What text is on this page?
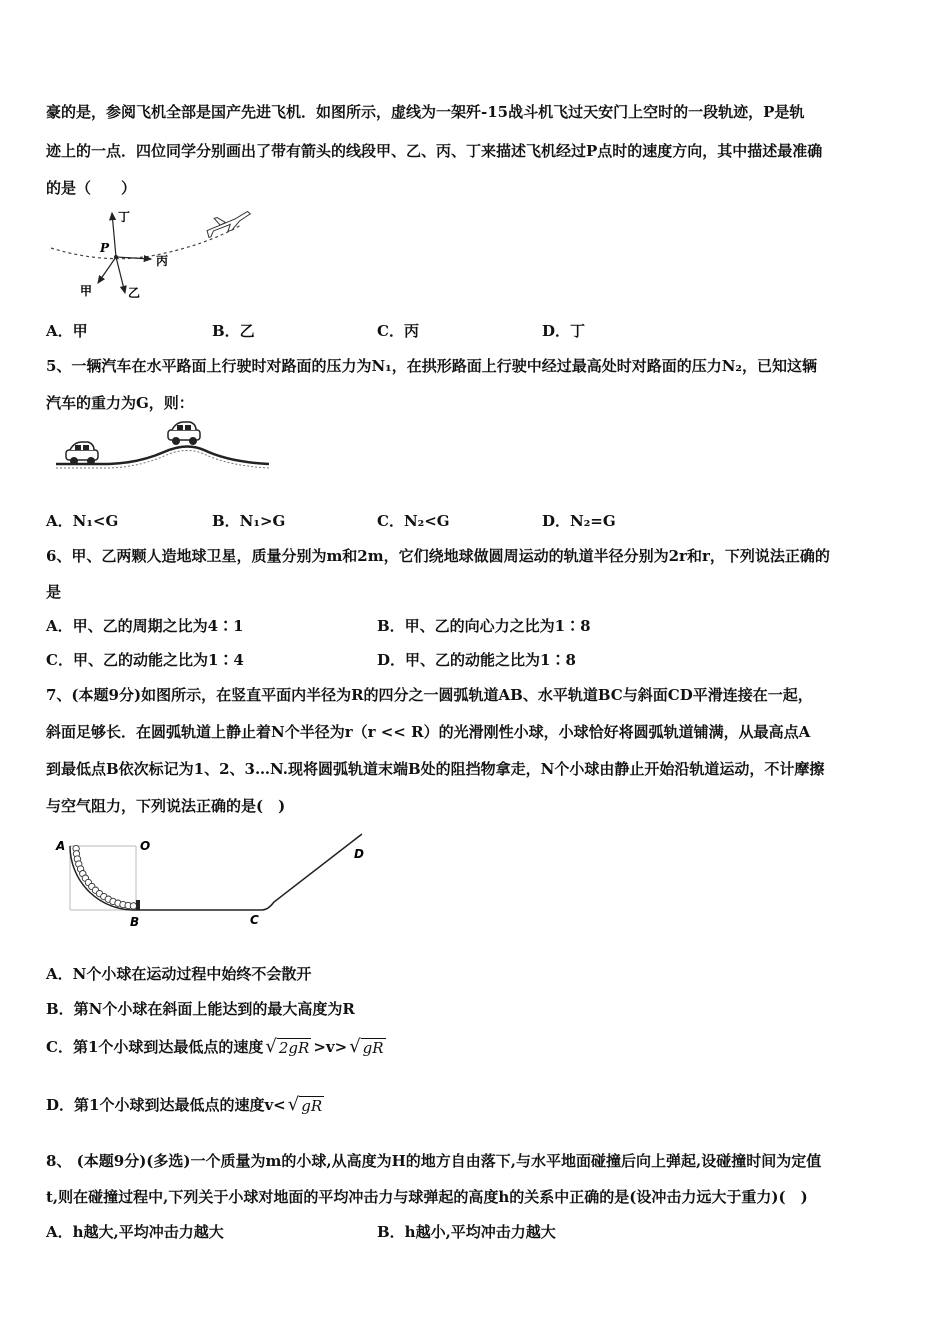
豪的是，参阅飞机全部是国产先进飞机．如图所示，虚线为一架歼-15战斗机飞过天安门上空时的一段轨迹，P是轨
迹上的一点．四位同学分别画出了带有箭头的线段甲、乙、丙、丁来描述飞机经过P点时的速度方向，其中描述最准确
的是（　　）
P
丁
丙
甲	乙
A．甲	B．乙	C．丙	D．丁
5、一辆汽车在水平路面上行驶时对路面的压力为N₁，在拱形路面上行驶中经过最高处时对路面的压力N₂，已知这辆
汽车的重力为G，则：
A．N₁<G	B．N₁>G	C．N₂<G	D．N₂=G
6、甲、乙两颗人造地球卫星，质量分别为m和2m，它们绕地球做圆周运动的轨道半径分别为2r和r，下列说法正确的
是
A．甲、乙的周期之比为4∶1	B．甲、乙的向心力之比为1∶8
C．甲、乙的动能之比为1∶4	D．甲、乙的动能之比为1∶8
7、(本题9分)如图所示，在竖直平面内半径为R的四分之一圆弧轨道AB、水平轨道BC与斜面CD平滑连接在一起，
斜面足够长．在圆弧轨道上静止着N个半径为r（r << R）的光滑刚性小球，小球恰好将圆弧轨道铺满，从最高点A
到最低点B依次标记为1、2、3…N.现将圆弧轨道末端B处的阻挡物拿走，N个小球由静止开始沿轨道运动，不计摩擦
与空气阻力，下列说法正确的是(　)
A	O
B	C
D
A．N个小球在运动过程中始终不会散开
B．第N个小球在斜面上能达到的最大高度为R
C．第1个小球到达最低点的速度 √ 2gR >v> √ gR
D．第1个小球到达最低点的速度v< √ gR
8、 (本题9分)(多选)一个质量为m的小球,从高度为H的地方自由落下,与水平地面碰撞后向上弹起,设碰撞时间为定值
t,则在碰撞过程中,下列关于小球对地面的平均冲击力与球弹起的高度h的关系中正确的是(设冲击力远大于重力)(　)
A．h越大,平均冲击力越大	B．h越小,平均冲击力越大
